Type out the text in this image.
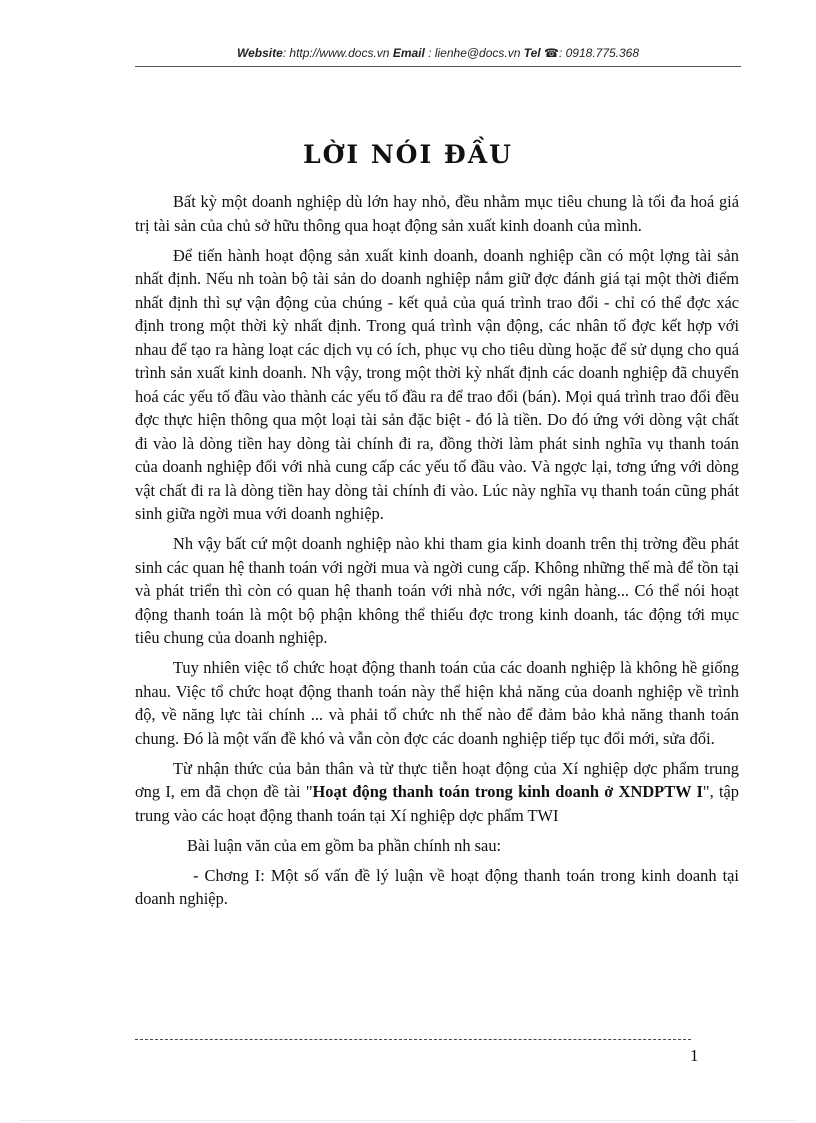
Website: http://www.docs.vn Email : lienhe@docs.vn Tel ☎: 0918.775.368
LỜI NÓI ĐẦU

Bất kỳ một doanh nghiệp dù lớn hay nhỏ, đều nhằm mục tiêu chung là tối đa hoá giá trị tài sản của chủ sở hữu thông qua hoạt động sản xuất kinh doanh của mình.

Để tiến hành hoạt động sản xuất kinh doanh, doanh nghiệp cần có một lợng tài sản nhất định. Nếu nh toàn bộ tài sản do doanh nghiệp nắm giữ đợc đánh giá tại một thời điểm nhất định thì sự vận động của chúng - kết quả của quá trình trao đổi - chỉ có thể đợc xác định trong một thời kỳ nhất định. Trong quá trình vận động, các nhân tố đợc kết hợp với nhau để tạo ra hàng loạt các dịch vụ có ích, phục vụ cho tiêu dùng hoặc để sử dụng cho quá trình sản xuất kinh doanh. Nh vậy, trong một thời kỳ nhất định các doanh nghiệp đã chuyển hoá các yếu tố đầu vào thành các yếu tố đầu ra để trao đổi (bán). Mọi quá trình trao đổi đều đợc thực hiện thông qua một loại tài sản đặc biệt - đó là tiền. Do đó ứng với dòng vật chất đi vào là dòng tiền hay dòng tài chính đi ra, đồng thời làm phát sinh nghĩa vụ thanh toán của doanh nghiệp đối với nhà cung cấp các yếu tố đầu vào. Và ngợc lại, tơng ứng với dòng vật chất đi ra là dòng tiền hay dòng tài chính đi vào. Lúc này nghĩa vụ thanh toán cũng phát sinh giữa ngời mua với doanh nghiệp.

Nh vậy bất cứ một doanh nghiệp nào khi tham gia kinh doanh trên thị trờng đều phát sinh các quan hệ thanh toán với ngời mua và ngời cung cấp. Không những thế mà để tồn tại và phát triển thì còn có quan hệ thanh toán với nhà nớc, với ngân hàng... Có thể nói hoạt động thanh toán là một bộ phận không thể thiếu đợc trong kinh doanh, tác động tới mục tiêu chung của doanh nghiệp.

Tuy nhiên việc tổ chức hoạt động thanh toán của các doanh nghiệp là không hề giống nhau. Việc tổ chức hoạt động thanh toán này thể hiện khả năng của doanh nghiệp về trình độ, về năng lực tài chính ... và phải tổ chức nh thế nào để đảm bảo khả năng thanh toán chung. Đó là một vấn đề khó và vẫn còn đợc các doanh nghiệp tiếp tục đổi mới, sửa đổi.

Từ nhận thức của bản thân và từ thực tiễn hoạt động của Xí nghiệp dợc phẩm trung ơng I, em đã chọn đề tài "Hoạt động thanh toán trong kinh doanh ở XNDPTW I", tập trung vào các hoạt động thanh toán tại Xí nghiệp dợc phẩm TWI

Bài luận văn của em gồm ba phần chính nh sau:

- Chơng I: Một số vấn đề lý luận về hoạt động thanh toán trong kinh doanh tại doanh nghiệp.

1
